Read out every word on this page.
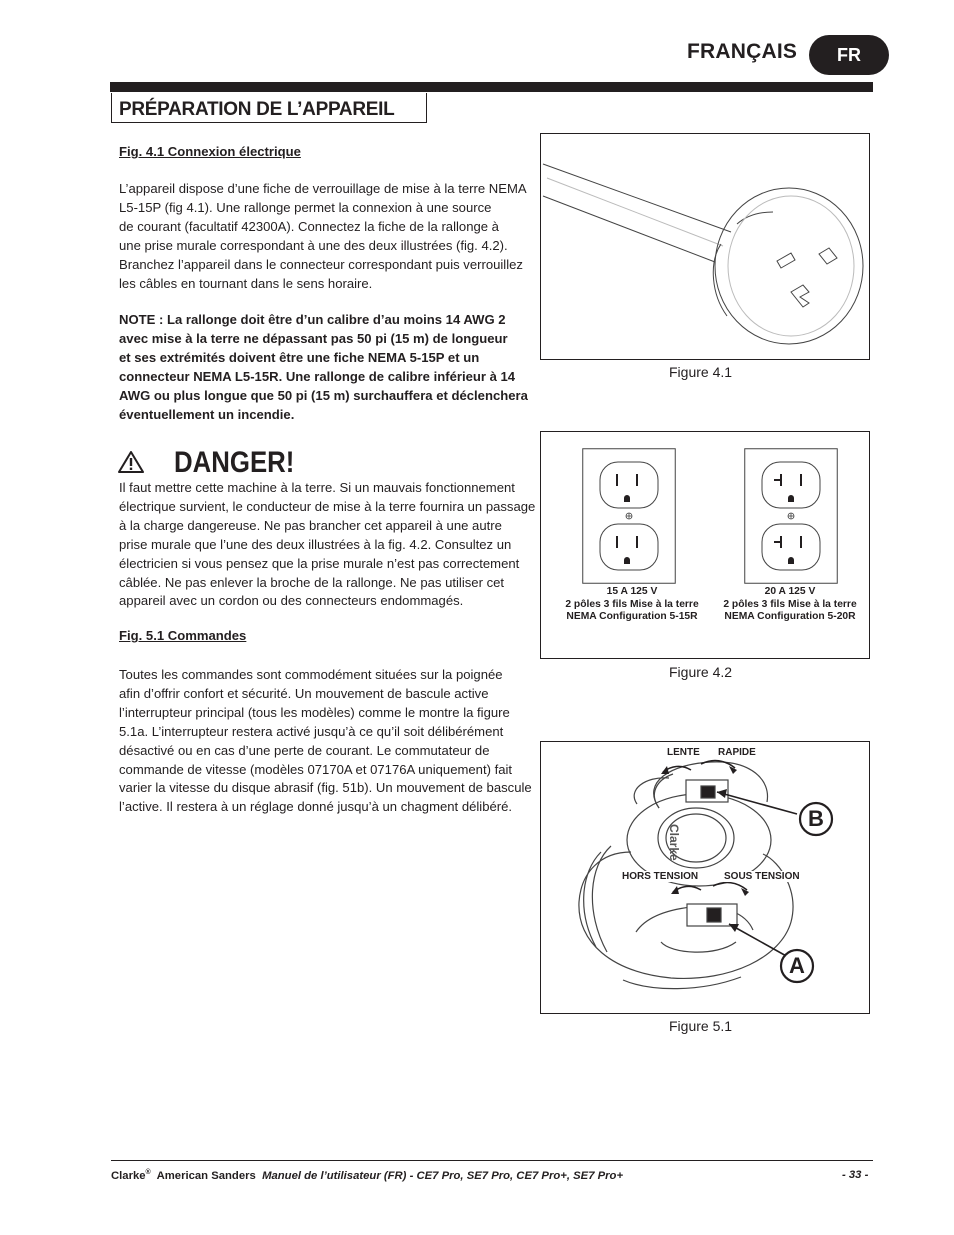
FRANÇAIS	FR
PRÉPARATION DE L’APPAREIL
Fig. 4.1 Connexion électrique
L’appareil dispose d’une fiche de verrouillage de mise à la terre NEMA
L5-15P (fig 4.1). Une rallonge permet la connexion à une source
de courant (facultatif 42300A). Connectez la fiche de la rallonge à
une prise murale correspondant à une des deux illustrées (fig. 4.2).
Branchez l’appareil dans le connecteur correspondant puis verrouillez
les câbles en tournant dans le sens horaire.
NOTE : La rallonge doit être d’un calibre d’au moins 14 AWG 2
avec mise à la terre ne dépassant pas 50 pi (15 m) de longueur
et ses extrémités doivent être une fiche NEMA 5-15P et un
connecteur NEMA L5-15R. Une rallonge de calibre inférieur à 14
AWG ou plus longue que 50 pi (15 m) surchauffera et déclenchera
éventuellement un incendie.
DANGER!
Il faut mettre cette machine à la terre. Si un mauvais fonctionnement
électrique survient, le conducteur de mise à la terre fournira un passage
à la charge dangereuse. Ne pas brancher cet appareil à une autre
prise murale que l’une des deux illustrées à la fig. 4.2. Consultez un
électricien si vous pensez que la prise murale n’est pas correctement
câblée. Ne pas enlever la broche de la rallonge. Ne pas utiliser cet
appareil avec un cordon ou des connecteurs endommagés.
Fig. 5.1 Commandes
Toutes les commandes sont commodément situées sur la poignée
afin d’offrir confort et sécurité. Un mouvement de bascule active
l’interrupteur principal (tous les modèles) comme le montre la figure
5.1a. L’interrupteur restera activé jusqu’à ce qu’il soit délibérément
désactivé ou en cas d’une perte de courant. Le commutateur de
commande de vitesse (modèles 07170A et 07176A uniquement) fait
varier la vitesse du disque abrasif (fig. 51b). Un mouvement de bascule
l’active. Il restera à un réglage donné jusqu’à un chagment délibéré.
Figure 4.1
15 A 125 V
2 pôles 3 fils Mise à la terre
NEMA Configuration 5-15R
20 A 125 V
2 pôles 3 fils Mise à la terre
NEMA Configuration 5-20R
Figure 4.2
LENTE RAPIDE
HORS TENSION	SOUS TENSION
Clarke
B
A
Figure 5.1
Clarke® American Sanders Manuel de l’utilisateur (FR) - CE7 Pro, SE7 Pro, CE7 Pro+, SE7 Pro+	- 33 -
